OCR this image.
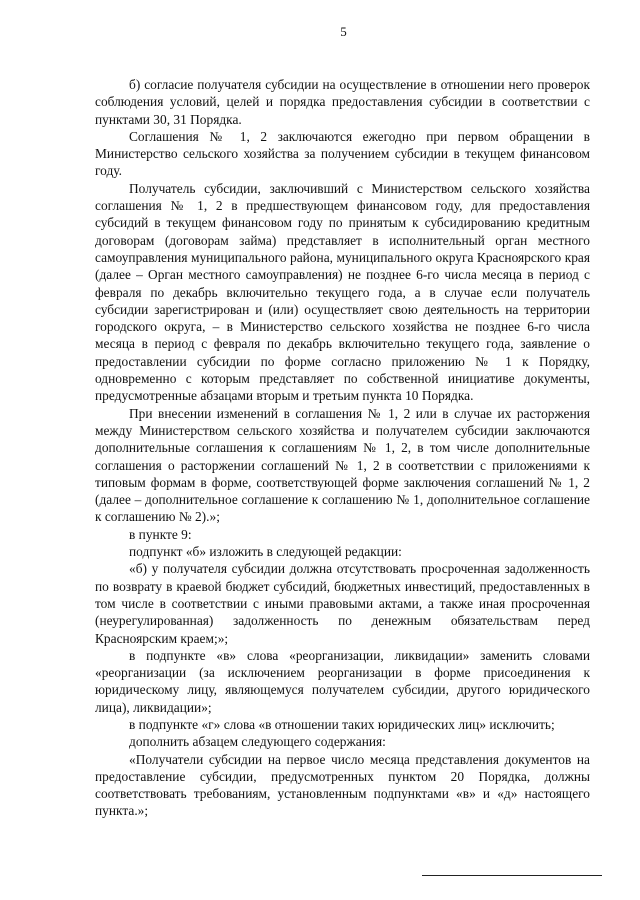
5

б) согласие получателя субсидии на осуществление в отношении него проверок соблюдения условий, целей и порядка предоставления субсидии в соответствии с пунктами 30, 31 Порядка.

Соглашения № 1, 2 заключаются ежегодно при первом обращении в Министерство сельского хозяйства за получением субсидии в текущем финансовом году.

Получатель субсидии, заключивший с Министерством сельского хозяйства соглашения № 1, 2 в предшествующем финансовом году, для предоставления субсидий в текущем финансовом году по принятым к субсидированию кредитным договорам (договорам займа) представляет в исполнительный орган местного самоуправления муниципального района, муниципального округа Красноярского края (далее – Орган местного самоуправления) не позднее 6-го числа месяца в период с февраля по декабрь включительно текущего года, а в случае если получатель субсидии зарегистрирован и (или) осуществляет свою деятельность на территории городского округа, – в Министерство сельского хозяйства не позднее 6-го числа месяца в период с февраля по декабрь включительно текущего года, заявление о предоставлении субсидии по форме согласно приложению № 1 к Порядку, одновременно с которым представляет по собственной инициативе документы, предусмотренные абзацами вторым и третьим пункта 10 Порядка.

При внесении изменений в соглашения № 1, 2 или в случае их расторжения между Министерством сельского хозяйства и получателем субсидии заключаются дополнительные соглашения к соглашениям № 1, 2, в том числе дополнительные соглашения о расторжении соглашений № 1, 2 в соответствии с приложениями к типовым формам в форме, соответствующей форме заключения соглашений № 1, 2 (далее – дополнительное соглашение к соглашению № 1, дополнительное соглашение к соглашению № 2).»;

в пункте 9:

подпункт «б» изложить в следующей редакции:

«б) у получателя субсидии должна отсутствовать просроченная задолженность по возврату в краевой бюджет субсидий, бюджетных инвестиций, предоставленных в том числе в соответствии с иными правовыми актами, а также иная просроченная (неурегулированная) задолженность по денежным обязательствам перед Красноярским краем;»;

в подпункте «в» слова «реорганизации, ликвидации» заменить словами «реорганизации (за исключением реорганизации в форме присоединения к юридическому лицу, являющемуся получателем субсидии, другого юридического лица), ликвидации»;

в подпункте «г» слова «в отношении таких юридических лиц» исключить;

дополнить абзацем следующего содержания:

«Получатели субсидии на первое число месяца представления документов на предоставление субсидии, предусмотренных пунктом 20 Порядка, должны соответствовать требованиям, установленным подпунктами «в» и «д» настоящего пункта.»;
